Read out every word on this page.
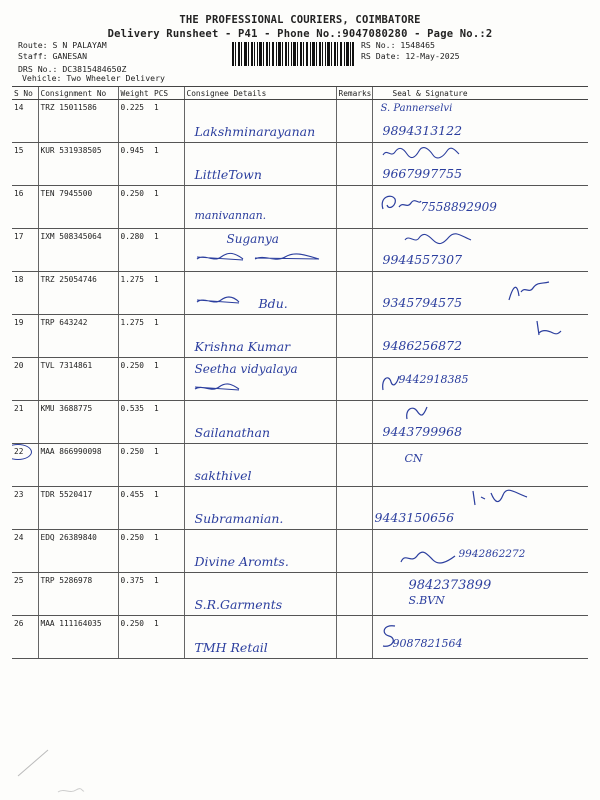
THE PROFESSIONAL COURIERS, COIMBATORE
Delivery Runsheet - P41 - Phone No.:9047080280 - Page No.:2
Route: S N PALAYAM
Staff: GANESAN
DRS No.: DC3815484650Z
RS No.: 1548465
RS Date: 12-May-2025
Vehicle: Two Wheeler Delivery
S No	Consignment No	Weight	PCS	Consignee Details	Remarks	Seal & Signature
14	TRZ 15011586	0.225	1	Lakshminarayanan		S. Pannerselvi
9894313122

15	KUR 531938505	0.945	1	LittleTown		9667997755

16	TEN 7945500	0.250	1	manivannan.		7558892909

17	IXM 508345064	0.280	1	Suganya		9944557307

18	TRZ 25054746	1.275	1	Bdu.		9345794575

19	TRP 643242	1.275	1	Krishna Kumar		9486256872

20	TVL 7314861	0.250	1	Seetha vidyalaya		9442918385

21	KMU 3688775	0.535	1	Sailanathan		9443799968

22	MAA 866990098	0.250	1	sakthivel		CN

23	TDR 5520417	0.455	1	Subramanian.		9443150656

24	EDQ 26389840	0.250	1	Divine Aromts.		9942862272

25	TRP 5286978	0.375	1	S.R.Garments		9842373899
S.BVN

26	MAA 111164035	0.250	1	TMH Retail		9087821564
